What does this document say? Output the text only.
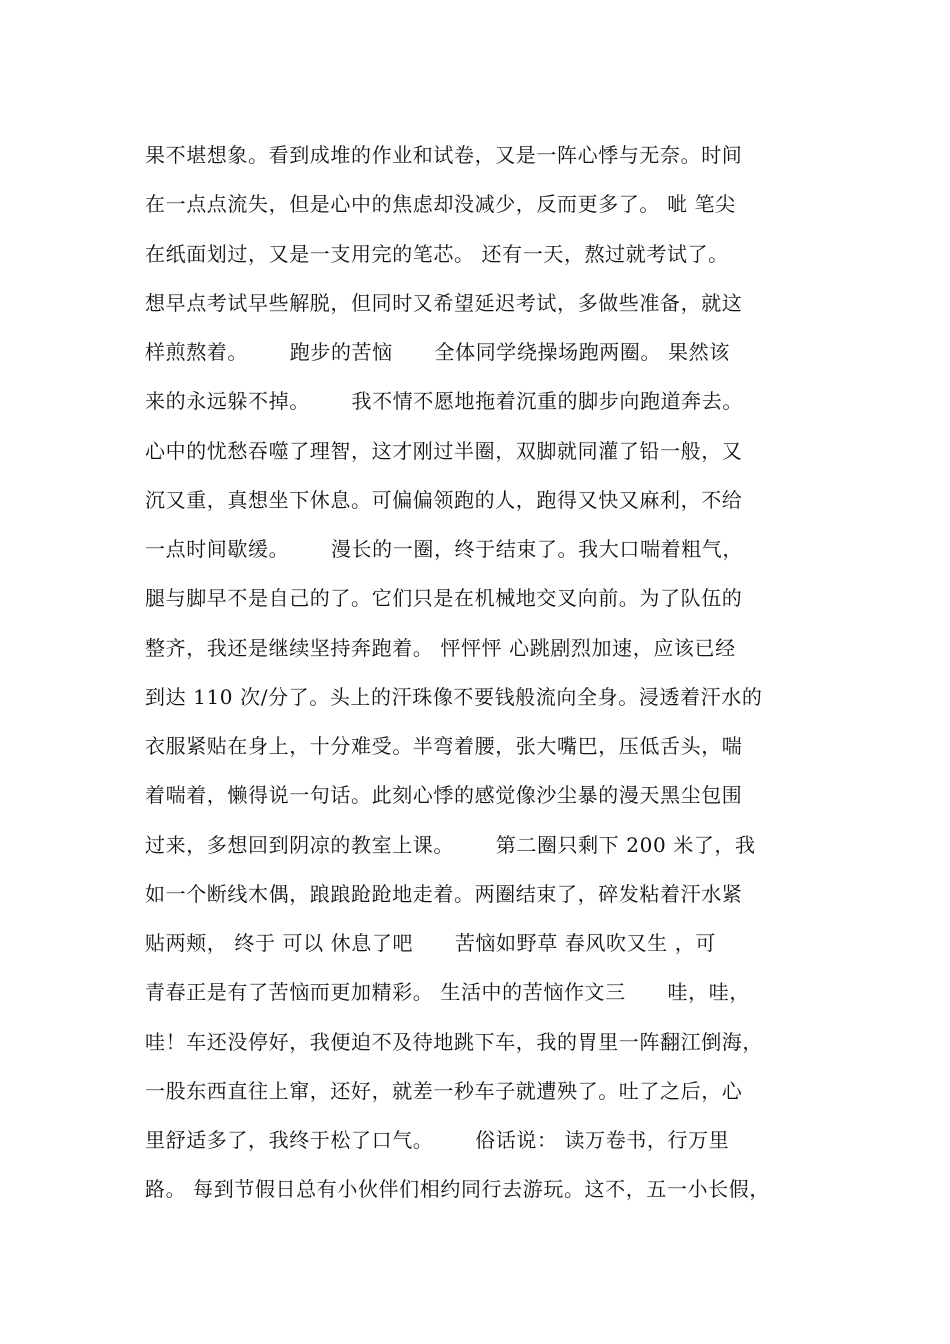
果不堪想象。看到成堆的作业和试卷，又是一阵心悸与无奈。时间
在一点点流失，但是心中的焦虑却没减少，反而更多了。 呲 笔尖
在纸面划过，又是一支用完的笔芯。 还有一天，熬过就考试了。
想早点考试早些解脱，但同时又希望延迟考试，多做些准备，就这
样煎熬着。      跑步的苦恼      全体同学绕操场跑两圈。 果然该
来的永远躲不掉。      我不情不愿地拖着沉重的脚步向跑道奔去。
心中的忧愁吞噬了理智，这才刚过半圈，双脚就同灌了铅一般，又
沉又重，真想坐下休息。可偏偏领跑的人，跑得又快又麻利，不给
一点时间歇缓。      漫长的一圈，终于结束了。我大口喘着粗气，
腿与脚早不是自己的了。它们只是在机械地交叉向前。为了队伍的
整齐，我还是继续坚持奔跑着。 怦怦怦 心跳剧烈加速，应该已经
到达 110 次/分了。头上的汗珠像不要钱般流向全身。浸透着汗水的
衣服紧贴在身上，十分难受。半弯着腰，张大嘴巴，压低舌头，喘
着喘着，懒得说一句话。此刻心悸的感觉像沙尘暴的漫天黑尘包围
过来，多想回到阴凉的教室上课。      第二圈只剩下 200 米了，我
如一个断线木偶，踉踉跄跄地走着。两圈结束了，碎发粘着汗水紧
贴两颊， 终于 可以 休息了吧      苦恼如野草 春风吹又生 ，可
青春正是有了苦恼而更加精彩。 生活中的苦恼作文三      哇，哇，
哇！车还没停好，我便迫不及待地跳下车，我的胃里一阵翻江倒海，
一股东西直往上窜，还好，就差一秒车子就遭殃了。吐了之后，心
里舒适多了，我终于松了口气。      俗话说： 读万卷书，行万里
路。 每到节假日总有小伙伴们相约同行去游玩。这不，五一小长假，
